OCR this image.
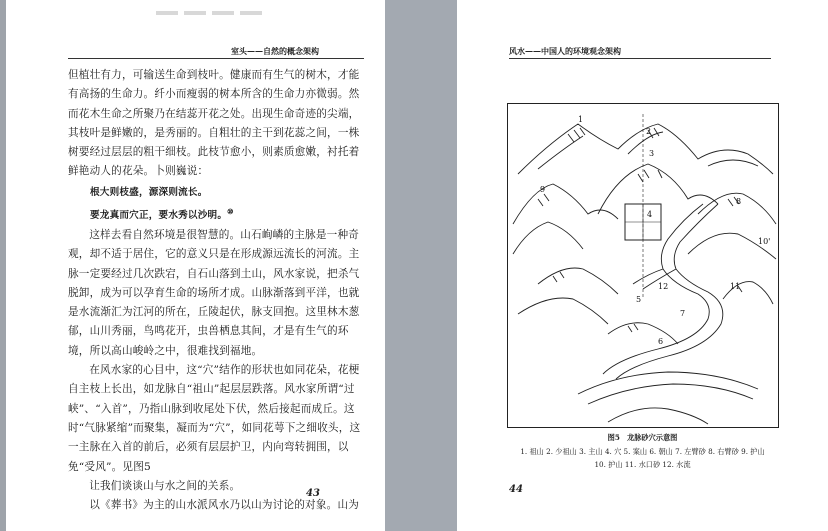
室头——自然的概念架构

但植壮有力，可输送生命到枝叶。健康而有生气的树木，才能有高扬的生命力。纤小而瘦弱的树本所含的生命力亦微弱。然而花木生命之所聚乃在结蕊开花之处。出现生命奇迹的尖端，其枝叶是鲜嫩的，是秀丽的。自粗壮的主干到花蕊之间，一株树要经过层层的粗干细枝。此枝节愈小，则素质愈嫩，衬托着鲜艳动人的花朵。卜则巍说：

根大则枝盛，源深则流长。

要龙真而穴正，要水秀以沙明。⑩

这样去看自然环境是很智慧的。山石峋嶙的主脉是一种奇观，却不适于居住，它的意义只是在形成源远流长的河流。主脉一定要经过几次跌宕，自石山落到土山，风水家说，把杀气脱卸，成为可以孕育生命的场所才成。山脉渐落到平洋，也就是水流渐汇为江河的所在，丘陵起伏，脉支回抱。这里林木葱郁，山川秀丽，鸟鸣花开，虫兽栖息其间，才是有生气的环境，所以高山峻岭之中，很难找到福地。

在风水家的心目中，这“穴”结作的形状也如同花朵，花梗自主枝上长出，如龙脉自“祖山”起层层跌落。风水家所谓“过峡”、“入首”，乃指山脉到收尾处下伏，然后接起而成丘。这时“气脉紧缩”而聚集，凝而为“穴”，如同花萼下之细收头，这一主脉在入首的前后，必须有层层护卫，内向弯转拥围，以免“受风”。见图5

让我们谈谈山与水之间的关系。

以《葬书》为主的山水派风水乃以山为讨论的对象。山为

43
风水——中国人的环境观念架构
1
2
3
4
5
6
7
8
9
10'
11
12
图5　龙脉砂穴示意图
1. 祖山 2. 少祖山 3. 主山 4. 穴 5. 案山 6. 朝山 7. 左臂砂 8. 右臂砂 9. 护山
10. 护山 11. 水口砂 12. 水流
44
